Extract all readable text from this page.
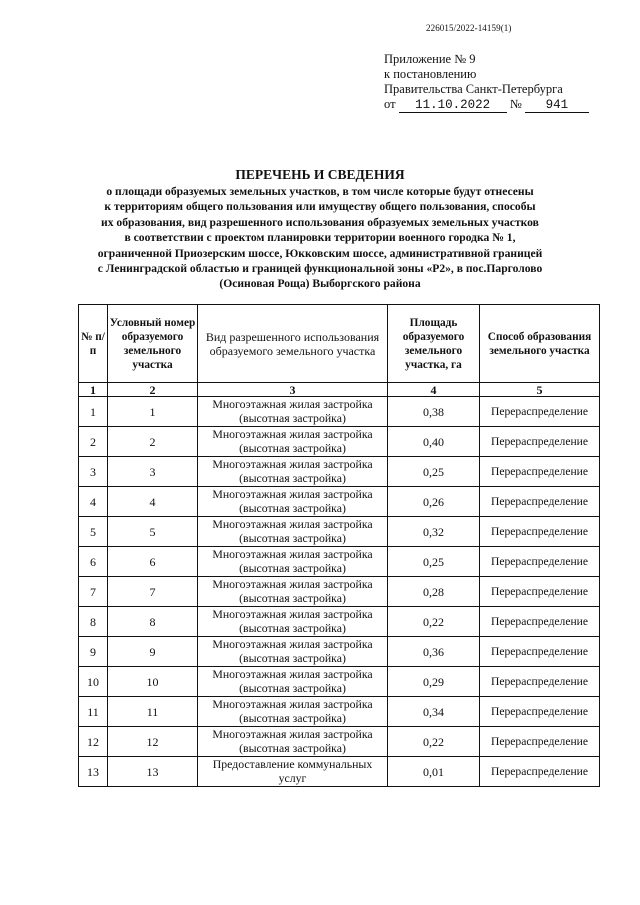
226015/2022-14159(1)
Приложение № 9
к постановлению
Правительства Санкт-Петербурга
от 11.10.2022 № 941
ПЕРЕЧЕНЬ И СВЕДЕНИЯ
о площади образуемых земельных участков, в том числе которые будут отнесены
к территориям общего пользования или имуществу общего пользования, способы
их образования, вид разрешенного использования образуемых земельных участков
в соответствии с проектом планировки территории военного городка № 1,
ограниченной Приозерским шоссе, Юкковским шоссе, административной границей
с Ленинградской областью и границей функциональной зоны «Р2», в пос.Парголово
(Осиновая Роща) Выборгского района
№ п/п	Условный номер образуемого земельного участка	Вид разрешенного использования образуемого земельного участка	Площадь образуемого земельного участка, га	Способ образования земельного участка
1	2	3	4	5
1	1	Многоэтажная жилая застройка (высотная застройка)	0,38	Перераспределение
2	2	Многоэтажная жилая застройка (высотная застройка)	0,40	Перераспределение
3	3	Многоэтажная жилая застройка (высотная застройка)	0,25	Перераспределение
4	4	Многоэтажная жилая застройка (высотная застройка)	0,26	Перераспределение
5	5	Многоэтажная жилая застройка (высотная застройка)	0,32	Перераспределение
6	6	Многоэтажная жилая застройка (высотная застройка)	0,25	Перераспределение
7	7	Многоэтажная жилая застройка (высотная застройка)	0,28	Перераспределение
8	8	Многоэтажная жилая застройка (высотная застройка)	0,22	Перераспределение
9	9	Многоэтажная жилая застройка (высотная застройка)	0,36	Перераспределение
10	10	Многоэтажная жилая застройка (высотная застройка)	0,29	Перераспределение
11	11	Многоэтажная жилая застройка (высотная застройка)	0,34	Перераспределение
12	12	Многоэтажная жилая застройка (высотная застройка)	0,22	Перераспределение
13	13	Предоставление коммунальных услуг	0,01	Перераспределение
